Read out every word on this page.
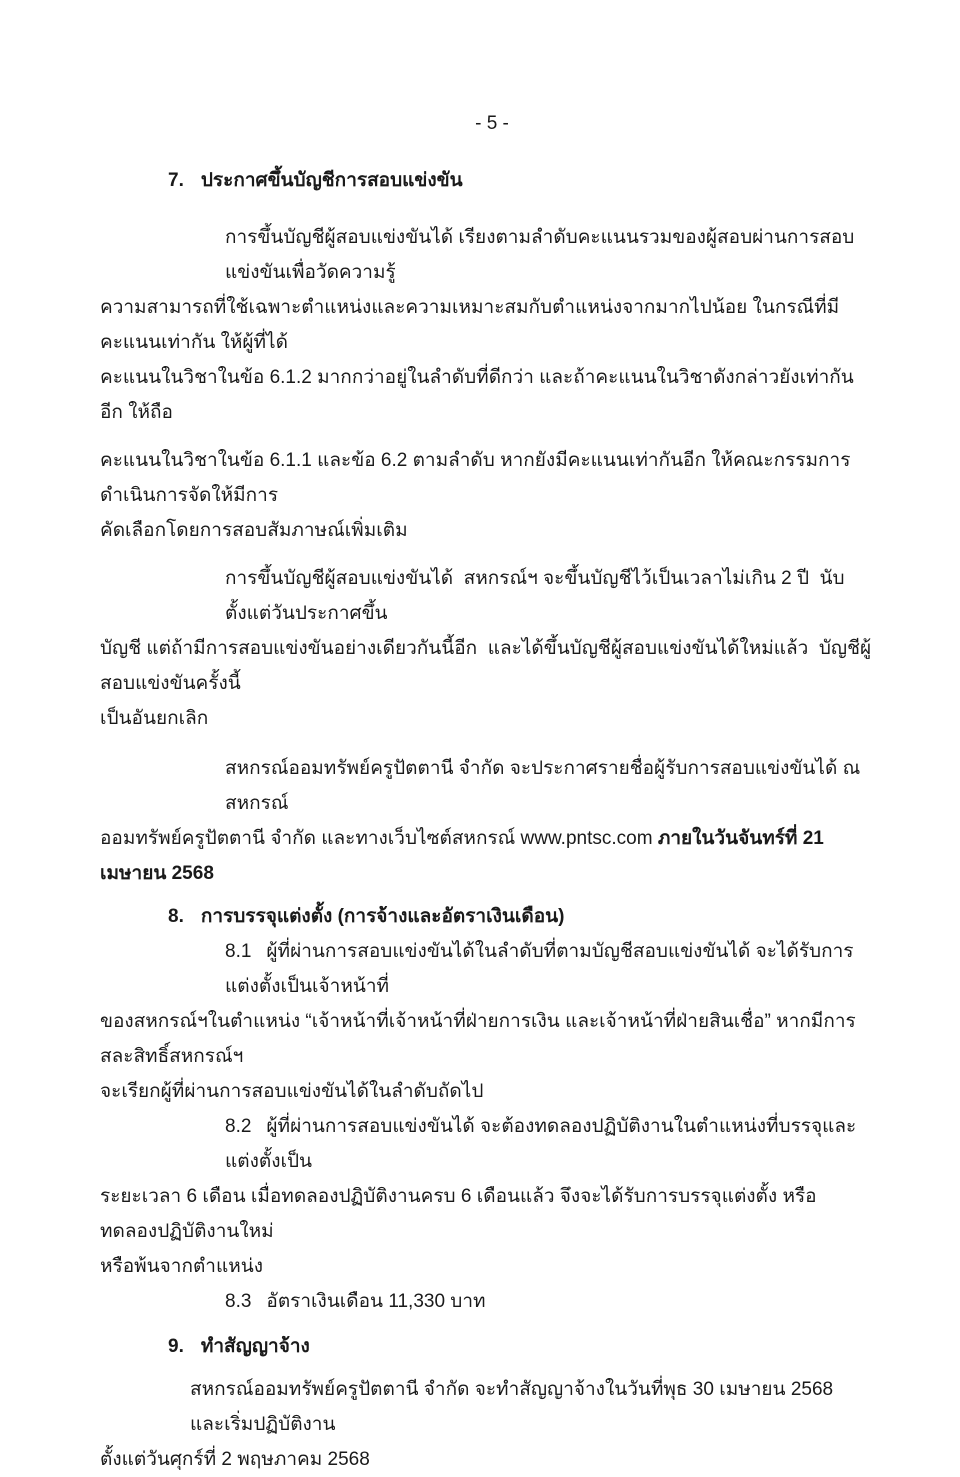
- 5 -
7. ประกาศขึ้นบัญชีการสอบแข่งขัน
การขึ้นบัญชีผู้สอบแข่งขันได้ เรียงตามลำดับคะแนนรวมของผู้สอบผ่านการสอบแข่งขันเพื่อวัดความรู้
ความสามารถที่ใช้เฉพาะตำแหน่งและความเหมาะสมกับตำแหน่งจากมากไปน้อย ในกรณีที่มีคะแนนเท่ากัน ให้ผู้ที่ได้
คะแนนในวิชาในข้อ 6.1.2 มากกว่าอยู่ในลำดับที่ดีกว่า และถ้าคะแนนในวิชาดังกล่าวยังเท่ากันอีก ให้ถือ
คะแนนในวิชาในข้อ 6.1.1 และข้อ 6.2 ตามลำดับ หากยังมีคะแนนเท่ากันอีก ให้คณะกรรมการดำเนินการจัดให้มีการ
คัดเลือกโดยการสอบสัมภาษณ์เพิ่มเติม
การขึ้นบัญชีผู้สอบแข่งขันได้  สหกรณ์ฯ จะขึ้นบัญชีไว้เป็นเวลาไม่เกิน 2 ปี  นับตั้งแต่วันประกาศขึ้น
บัญชี แต่ถ้ามีการสอบแข่งขันอย่างเดียวกันนี้อีก  และได้ขึ้นบัญชีผู้สอบแข่งขันได้ใหม่แล้ว  บัญชีผู้สอบแข่งขันครั้งนี้
เป็นอันยกเลิก
สหกรณ์ออมทรัพย์ครูปัตตานี จำกัด จะประกาศรายชื่อผู้รับการสอบแข่งขันได้ ณ สหกรณ์
ออมทรัพย์ครูปัตตานี จำกัด และทางเว็บไซต์สหกรณ์ www.pntsc.com ภายในวันจันทร์ที่ 21 เมษายน 2568
8. การบรรจุแต่งตั้ง (การจ้างและอัตราเงินเดือน)
8.1 ผู้ที่ผ่านการสอบแข่งขันได้ในลำดับที่ตามบัญชีสอบแข่งขันได้ จะได้รับการแต่งตั้งเป็นเจ้าหน้าที่
ของสหกรณ์ฯในตำแหน่ง “เจ้าหน้าที่เจ้าหน้าที่ฝ่ายการเงิน และเจ้าหน้าที่ฝ่ายสินเชื่อ” หากมีการสละสิทธิ์สหกรณ์ฯ
จะเรียกผู้ที่ผ่านการสอบแข่งขันได้ในลำดับถัดไป
8.2 ผู้ที่ผ่านการสอบแข่งขันได้ จะต้องทดลองปฏิบัติงานในตำแหน่งที่บรรจุและแต่งตั้งเป็น
ระยะเวลา 6 เดือน เมื่อทดลองปฏิบัติงานครบ 6 เดือนแล้ว จึงจะได้รับการบรรจุแต่งตั้ง หรือทดลองปฏิบัติงานใหม่
หรือพ้นจากตำแหน่ง
8.3 อัตราเงินเดือน 11,330 บาท
9. ทำสัญญาจ้าง
สหกรณ์ออมทรัพย์ครูปัตตานี จำกัด จะทำสัญญาจ้างในวันที่พุธ 30 เมษายน 2568 และเริ่มปฏิบัติงาน
ตั้งแต่วันศุกร์ที่ 2 พฤษภาคม 2568
